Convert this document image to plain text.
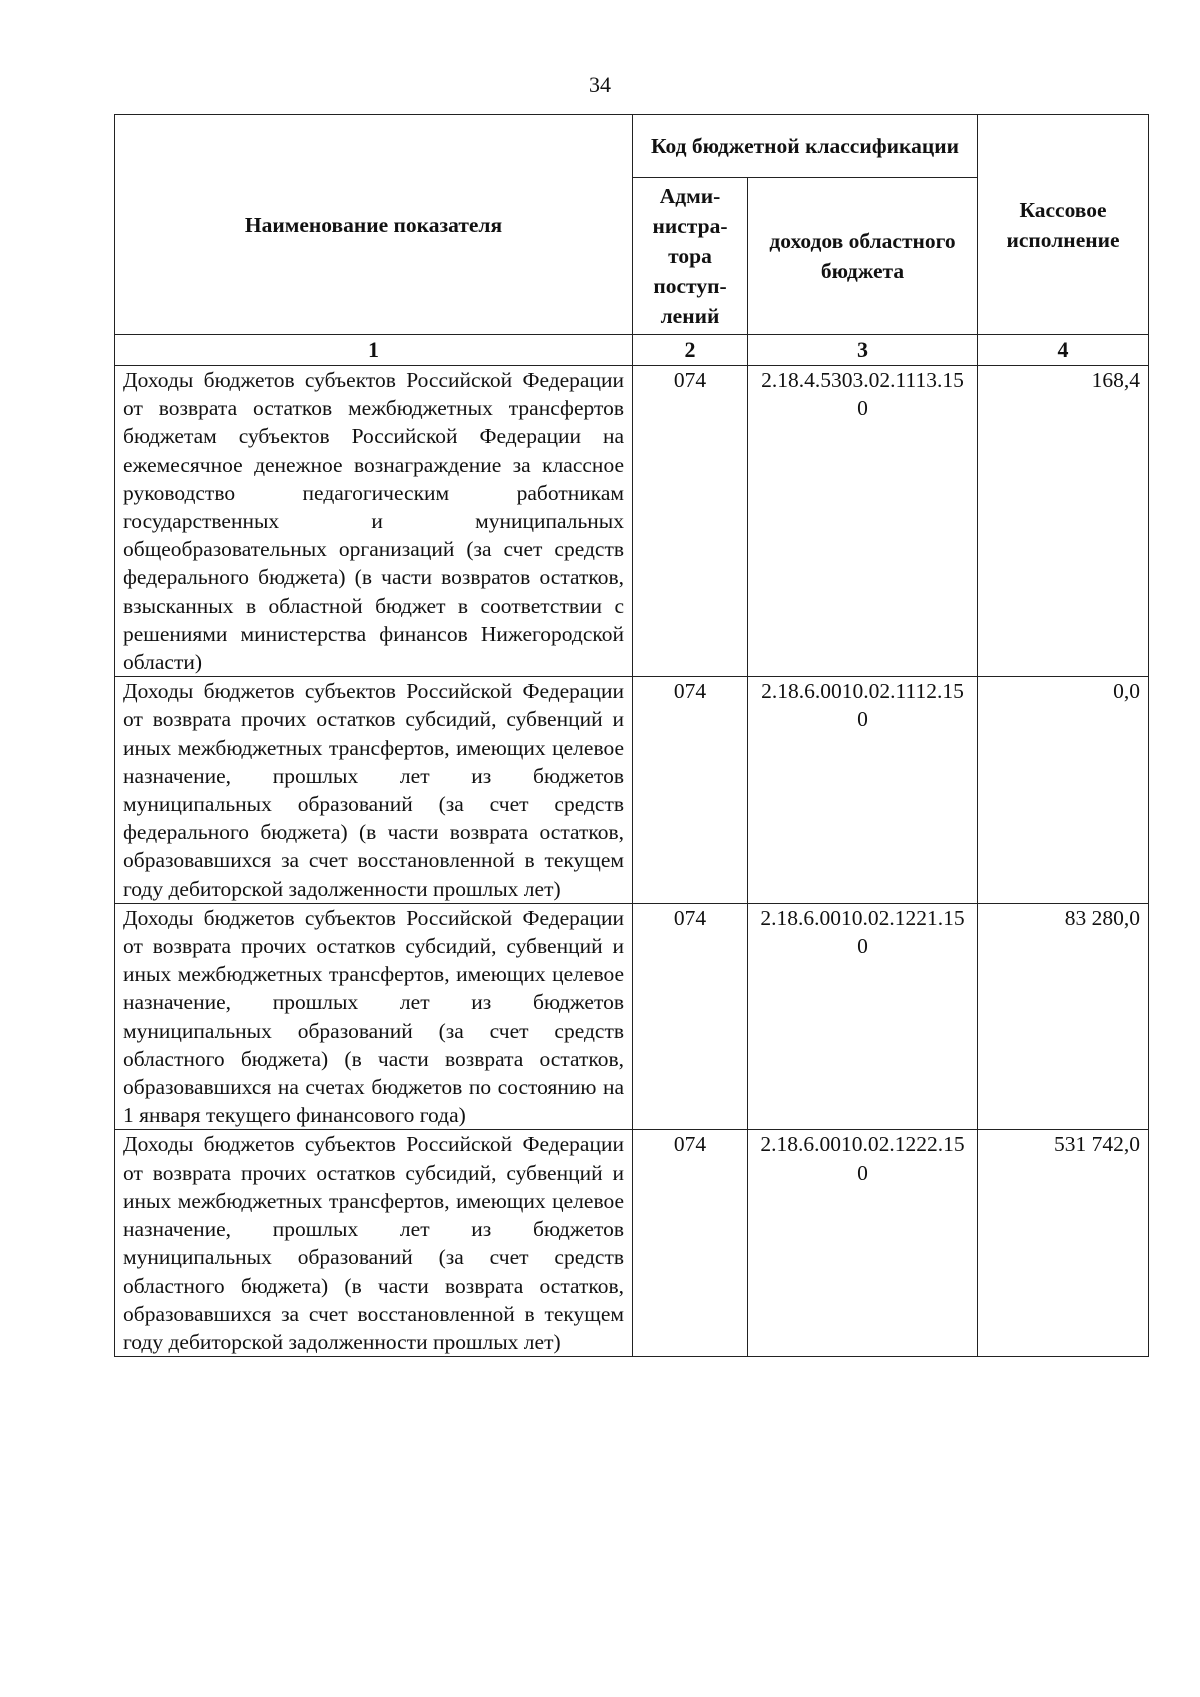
34
Наименование показателя	Код бюджетной классификации		Кассовое исполнение
	Адми-нистра-тора поступ-лений	доходов областного бюджета	
1	2	3	4
Доходы бюджетов субъектов Российской Федерации от возврата остатков межбюджетных трансфертов бюджетам субъектов Российской Федерации на ежемесячное денежное вознаграждение за классное руководство педагогическим работникам государственных и муниципальных общеобразовательных организаций (за счет средств федерального бюджета) (в части возвратов остатков, взысканных в областной бюджет в соответствии с решениями министерства финансов Нижегородской области)	074	2.18.4.5303.02.1113.150	168,4
Доходы бюджетов субъектов Российской Федерации от возврата прочих остатков субсидий, субвенций и иных межбюджетных трансфертов, имеющих целевое назначение, прошлых лет из бюджетов муниципальных образований (за счет средств федерального бюджета) (в части возврата остатков, образовавшихся за счет восстановленной в текущем году дебиторской задолженности прошлых лет)	074	2.18.6.0010.02.1112.150	0,0
Доходы бюджетов субъектов Российской Федерации от возврата прочих остатков субсидий, субвенций и иных межбюджетных трансфертов, имеющих целевое назначение, прошлых лет из бюджетов муниципальных образований (за счет средств областного бюджета) (в части возврата остатков, образовавшихся на счетах бюджетов по состоянию на 1 января текущего финансового года)	074	2.18.6.0010.02.1221.150	83 280,0
Доходы бюджетов субъектов Российской Федерации от возврата прочих остатков субсидий, субвенций и иных межбюджетных трансфертов, имеющих целевое назначение, прошлых лет из бюджетов муниципальных образований (за счет средств областного бюджета) (в части возврата остатков, образовавшихся за счет восстановленной в текущем году дебиторской задолженности прошлых лет)	074	2.18.6.0010.02.1222.150	531 742,0
